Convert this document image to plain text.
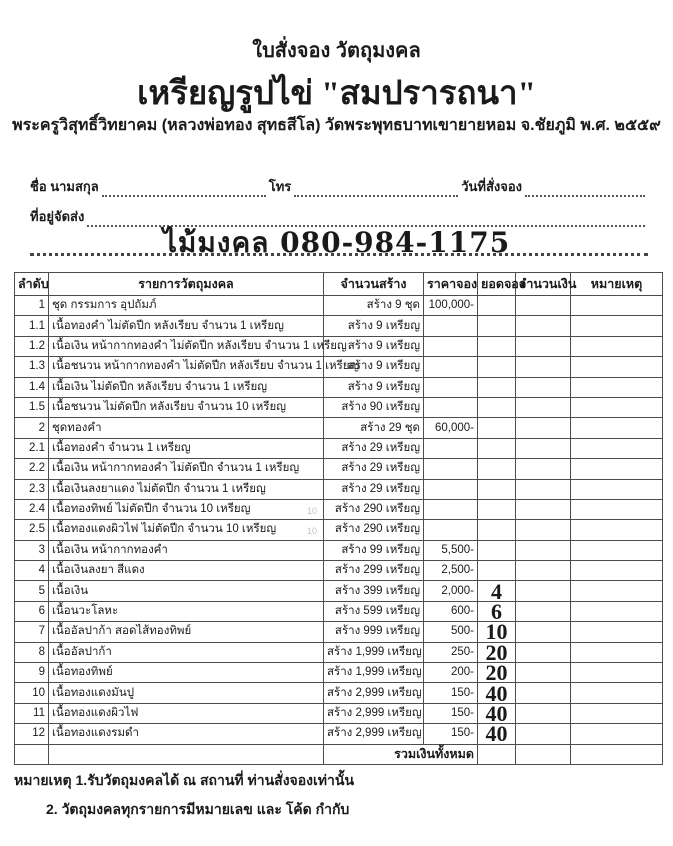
ใบสั่งจอง วัตถุมงคล
เหรียญรูปไข่ "สมปรารถนา"
พระครูวิสุทธิ์วิทยาคม (หลวงพ่อทอง สุทธสีโล) วัดพระพุทธบาทเขายายหอม จ.ชัยภูมิ พ.ศ. ๒๕๕๙
ชื่อ นามสกุล	โทร	วันที่สั่งจอง
ที่อยู่จัดส่ง
ไม้มงคล 080-984-1175
ลำดับ	รายการวัตถุมงคล	จำนวนสร้าง	ราคาจอง	ยอดจอง	จำนวนเงิน	หมายเหตุ
1	ชุด กรรมการ อุปถัมภ์	สร้าง 9 ชุด	100,000-			
1.1	เนื้อทองคำ ไม่ตัดปีก หลังเรียบ จำนวน 1 เหรียญ	สร้าง 9 เหรียญ				
1.2	เนื้อเงิน หน้ากากทองคำ ไม่ตัดปีก หลังเรียบ จำนวน 1 เหรียญ	สร้าง 9 เหรียญ				
1.3	เนื้อชนวน หน้ากากทองคำ ไม่ตัดปีก หลังเรียบ จำนวน 1 เหรียญ	สร้าง 9 เหรียญ				
1.4	เนื้อเงิน ไม่ตัดปีก หลังเรียบ จำนวน 1 เหรียญ	สร้าง 9 เหรียญ				
1.5	เนื้อชนวน ไม่ตัดปีก หลังเรียบ จำนวน 10 เหรียญ	สร้าง 90 เหรียญ				
2	ชุดทองคำ	สร้าง 29 ชุด	60,000-			
2.1	เนื้อทองคำ จำนวน 1 เหรียญ	สร้าง 29 เหรียญ				
2.2	เนื้อเงิน หน้ากากทองคำ ไม่ตัดปีก จำนวน 1 เหรียญ	สร้าง 29 เหรียญ				
2.3	เนื้อเงินลงยาแดง ไม่ตัดปีก จำนวน 1 เหรียญ	สร้าง 29 เหรียญ				
2.4	เนื้อทองทิพย์ ไม่ตัดปีก จำนวน 10 เหรียญ 10	สร้าง 290 เหรียญ				
2.5	เนื้อทองแดงผิวไฟ ไม่ตัดปีก จำนวน 10 เหรียญ 10	สร้าง 290 เหรียญ				
3	เนื้อเงิน หน้ากากทองคำ	สร้าง 99 เหรียญ	5,500-			
4	เนื้อเงินลงยา สีแดง	สร้าง 299 เหรียญ	2,500-			
5	เนื้อเงิน	สร้าง 399 เหรียญ	2,000-	4		
6	เนื้อนวะโลหะ	สร้าง 599 เหรียญ	600-	6		
7	เนื้ออัลปาก้า สอดไส้ทองทิพย์	สร้าง 999 เหรียญ	500-	10		
8	เนื้ออัลปาก้า	สร้าง 1,999 เหรียญ	250-	20		
9	เนื้อทองทิพย์	สร้าง 1,999 เหรียญ	200-	20		
10	เนื้อทองแดงมันปู	สร้าง 2,999 เหรียญ	150-	40		
11	เนื้อทองแดงผิวไฟ	สร้าง 2,999 เหรียญ	150-	40		
12	เนื้อทองแดงรมดำ	สร้าง 2,999 เหรียญ	150-	40		
		รวมเงินทั้งหมด				
หมายเหตุ 1.รับวัตถุมงคลได้ ณ สถานที่ ท่านสั่งจองเท่านั้น
2. วัตถุมงคลทุกรายการมีหมายเลข และ โค้ด กำกับ
